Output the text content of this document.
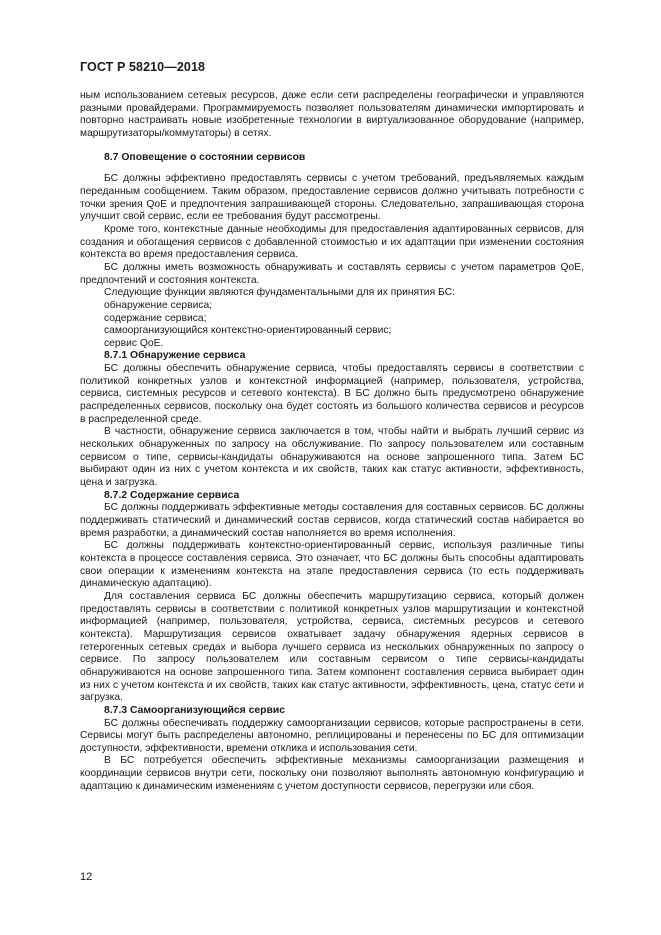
ГОСТ Р 58210—2018

ным использованием сетевых ресурсов, даже если сети распределены географически и управляются разными провайдерами. Программируемость позволяет пользователям динамически импортировать и повторно настраивать новые изобретенные технологии в виртуализованное оборудование (например, маршрутизаторы/коммутаторы) в сетях.

8.7 Оповещение о состоянии сервисов

БС должны эффективно предоставлять сервисы с учетом требований, предъявляемых каждым переданным сообщением. Таким образом, предоставление сервисов должно учитывать потребности с точки зрения QoE и предпочтения запрашивающей стороны. Следовательно, запрашивающая сторона улучшит свой сервис, если ее требования будут рассмотрены.

Кроме того, контекстные данные необходимы для предоставления адаптированных сервисов, для создания и обогащения сервисов с добавленной стоимостью и их адаптации при изменении состояния контекста во время предоставления сервиса.

БС должны иметь возможность обнаруживать и составлять сервисы с учетом параметров QoE, предпочтений и состояния контекста.

Следующие функции являются фундаментальными для их принятия БС:

обнаружение сервиса;
содержание сервиса;
самоорганизующийся контекстно-ориентированный сервис;
сервис QoE.
8.7.1 Обнаружение сервиса

БС должны обеспечить обнаружение сервиса, чтобы предоставлять сервисы в соответствии с политикой конкретных узлов и контекстной информацией (например, пользователя, устройства, сервиса, системных ресурсов и сетевого контекста). В БС должно быть предусмотрено обнаружение распределенных сервисов, поскольку она будет состоять из большого количества сервисов и ресурсов в распределенной среде.

В частности, обнаружение сервиса заключается в том, чтобы найти и выбрать лучший сервис из нескольких обнаруженных по запросу на обслуживание. По запросу пользователем или составным сервисом о типе, сервисы-кандидаты обнаруживаются на основе запрошенного типа. Затем БС выбирают один из них с учетом контекста и их свойств, таких как статус активности, эффективность, цена и загрузка.

8.7.2 Содержание сервиса

БС должны поддерживать эффективные методы составления для составных сервисов. БС должны поддерживать статический и динамический состав сервисов, когда статический состав набирается во время разработки, а динамический состав наполняется во время исполнения.

БС должны поддерживать контекстно-ориентированный сервис, используя различные типы контекста в процессе составления сервиса. Это означает, что БС должны быть способны адаптировать свои операции к изменениям контекста на этапе предоставления сервиса (то есть поддерживать динамическую адаптацию).

Для составления сервиса БС должны обеспечить маршрутизацию сервиса, который должен предоставлять сервисы в соответствии с политикой конкретных узлов маршрутизации и контекстной информацией (например, пользователя, устройства, сервиса, системных ресурсов и сетевого контекста). Маршрутизация сервисов охватывает задачу обнаружения ядерных сервисов в гетерогенных сетевых средах и выбора лучшего сервиса из нескольких обнаруженных по запросу о сервисе. По запросу пользователем или составным сервисом о типе сервисы-кандидаты обнаруживаются на основе запрошенного типа. Затем компонент составления сервиса выбирает один из них с учетом контекста и их свойств, таких как статус активности, эффективность, цена, статус сети и загрузка.

8.7.3 Самоорганизующийся сервис

БС должны обеспечивать поддержку самоорганизации сервисов, которые распространены в сети. Сервисы могут быть распределены автономно, реплицированы и перенесены по БС для оптимизации доступности, эффективности, времени отклика и использования сети.

В БС потребуется обеспечить эффективные механизмы самоорганизации размещения и координации сервисов внутри сети, поскольку они позволяют выполнять автономную конфигурацию и адаптацию к динамическим изменениям с учетом доступности сервисов, перегрузки или сбоя.

12
